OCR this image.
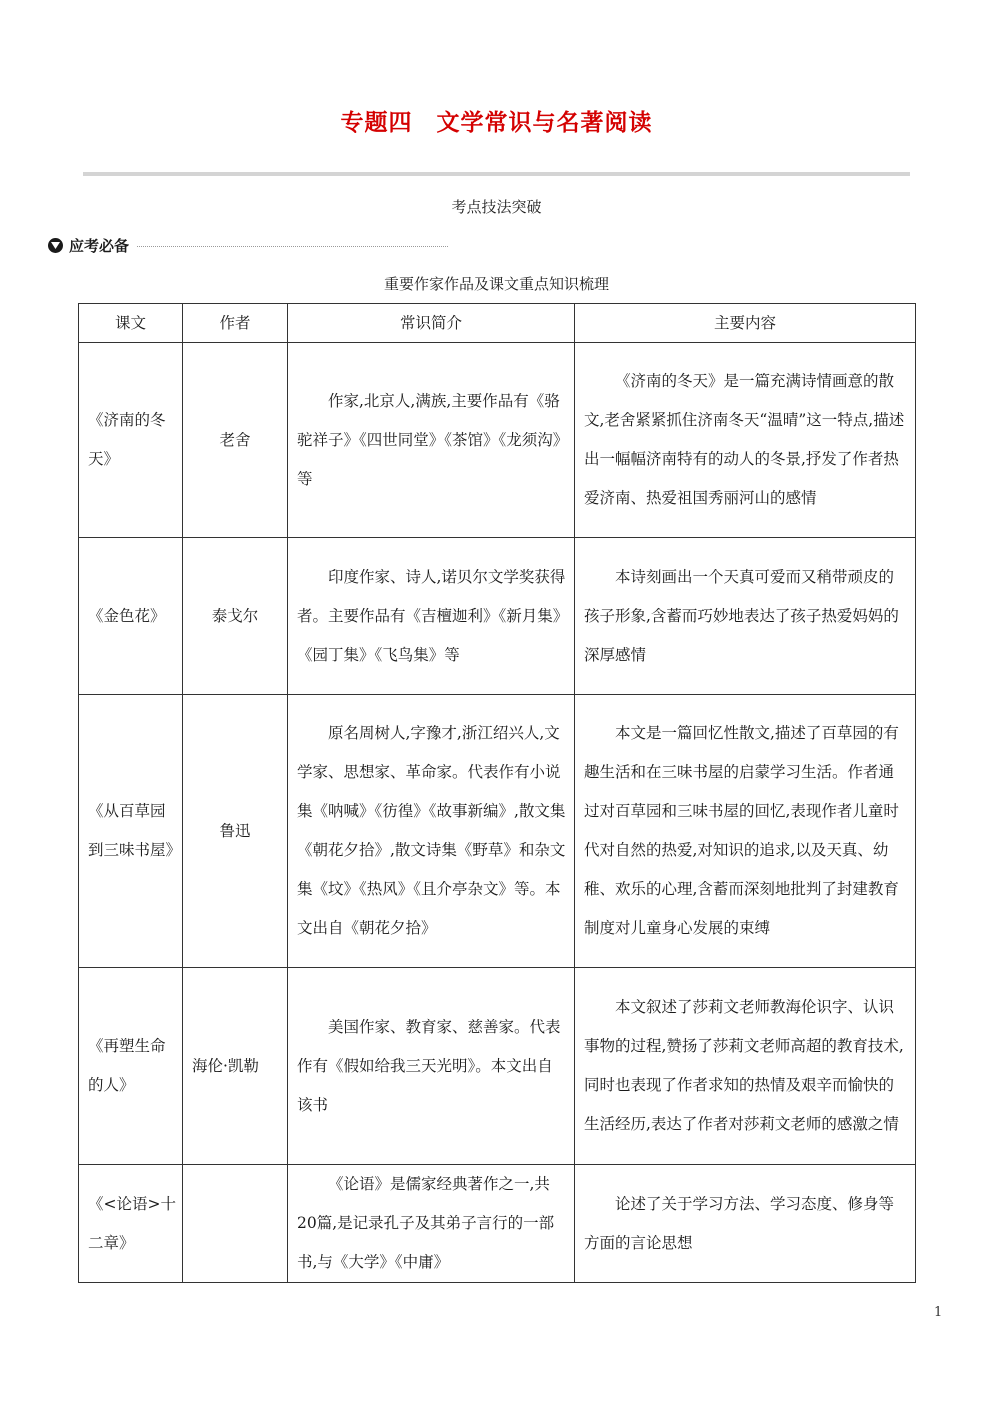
专题四　文学常识与名著阅读
考点技法突破
应考必备
重要作家作品及课文重点知识梳理
课文	作者	常识简介	主要内容
《济南的冬天》	老舍	作家,北京人,满族,主要作品有《骆驼祥子》《四世同堂》《茶馆》《龙须沟》等	《济南的冬天》是一篇充满诗情画意的散文,老舍紧紧抓住济南冬天“温晴”这一特点,描述出一幅幅济南特有的动人的冬景,抒发了作者热爱济南、热爱祖国秀丽河山的感情
《金色花》	泰戈尔	印度作家、诗人,诺贝尔文学奖获得者。主要作品有《吉檀迦利》《新月集》《园丁集》《飞鸟集》等	本诗刻画出一个天真可爱而又稍带顽皮的孩子形象,含蓄而巧妙地表达了孩子热爱妈妈的深厚感情
《从百草园到三味书屋》	鲁迅	原名周树人,字豫才,浙江绍兴人,文学家、思想家、革命家。代表作有小说集《呐喊》《彷徨》《故事新编》,散文集《朝花夕拾》,散文诗集《野草》和杂文集《坟》《热风》《且介亭杂文》等。本文出自《朝花夕拾》	本文是一篇回忆性散文,描述了百草园的有趣生活和在三味书屋的启蒙学习生活。作者通过对百草园和三味书屋的回忆,表现作者儿童时代对自然的热爱,对知识的追求,以及天真、幼稚、欢乐的心理,含蓄而深刻地批判了封建教育制度对儿童身心发展的束缚
《再塑生命的人》	海伦·凯勒	美国作家、教育家、慈善家。代表作有《假如给我三天光明》。本文出自该书	本文叙述了莎莉文老师教海伦识字、认识事物的过程,赞扬了莎莉文老师高超的教育技术,同时也表现了作者求知的热情及艰辛而愉快的生活经历,表达了作者对莎莉文老师的感激之情
《<论语>十二章》		《论语》是儒家经典著作之一,共20篇,是记录孔子及其弟子言行的一部书,与《大学》《中庸》	论述了关于学习方法、学习态度、修身等方面的言论思想
1
